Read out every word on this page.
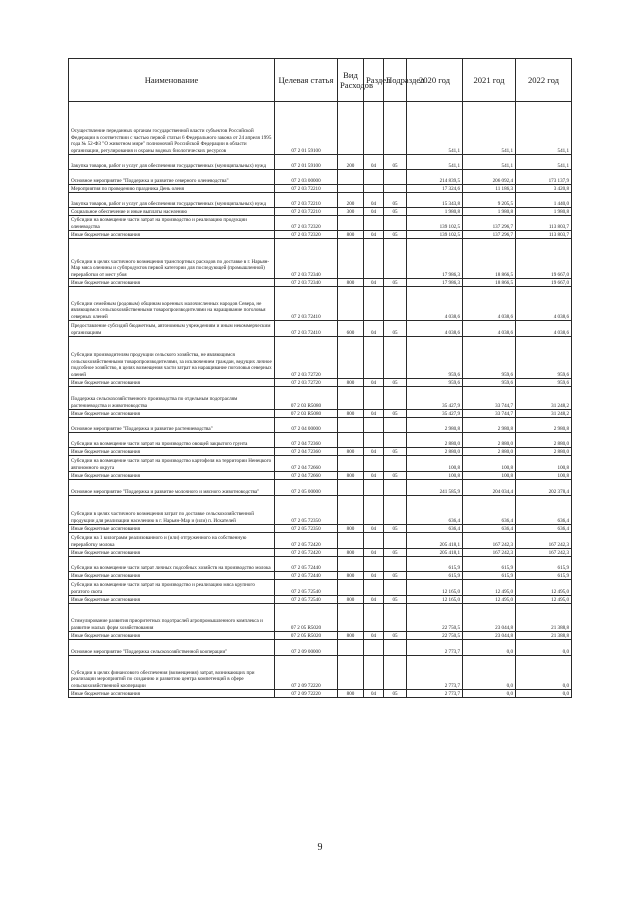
Наименование	Целевая статья	Вид Расходов	Раздел	Подраздел	2020 год	2021 год	2022 год
Осуществление переданных органам государственной власти субъектов Российской Федерации в соответствии с частью первой статьи 6 Федерального закона от 24 апреля 1995 года № 52-ФЗ "О животном мире" полномочий Российской Федерации в области организации, регулирования и охраны водных биологических ресурсов	07 2 01 59100				541,1	541,1	541,1
Закупка товаров, работ и услуг для обеспечения государственных (муниципальных) нужд	07 2 01 59100	200	04	05	541,1	541,1	541,1
Основное мероприятие "Поддержка и развитие северного оленеводства"	07 2 03 00000				214 839,5	206 092,4	173 137,9
Мероприятия по проведению праздника День оленя	07 2 03 72210				17 324,6	11 186,3	3 420,8
Закупка товаров, работ и услуг для обеспечения государственных (муниципальных) нужд	07 2 03 72210	200	04	05	15 343,8	9 205,5	1 440,0
Социальное обеспечение и иные выплаты населению	07 2 03 72210	300	04	05	1 980,8	1 980,8	1 980,8
Субсидии на возмещение части затрат на производство и реализацию продукции оленеводства	07 2 03 72320				139 102,5	137 296,7	113 803,7
Иные бюджетные ассигнования	07 2 03 72320	800	04	05	139 102,5	137 296,7	113 803,7
Субсидии в целях частичного возмещения транспортных расходов по доставке в г. Нарьян-Мар мяса оленины и субпродуктов первой категории для последующей (промышленной) переработки от мест убоя	07 2 03 72340				17 986,3	18 866,5	19 667,0
Иные бюджетные ассигнования	07 2 03 72340	800	04	05	17 986,3	18 866,5	19 667,0
Субсидии семейным (родовым) общинам коренных малочисленных народов Севера, не являющимся сельскохозяйственными товаропроизводителями на наращивание поголовья северных оленей	07 2 03 72410				4 038,6	4 038,6	4 038,6
Предоставление субсидий бюджетным, автономным учреждениям и иным некоммерческим организациям	07 2 03 72410	600	04	05	4 038,6	4 038,6	4 038,6
Субсидии производителям продукции сельского хозяйства, не являющимся сельскохозяйственными товаропроизводителями, за исключением граждан, ведущих личное подсобное хозяйство, в целях возмещения части затрат на наращивание поголовья северных оленей	07 2 03 72720				959,6	959,6	959,6
Иные бюджетные ассигнования	07 2 03 72720	800	04	05	959,6	959,6	959,6
Поддержка сельскохозяйственного производства по отдельным подотраслям растениеводства и животноводства	07 2 03 R5080				35 427,9	33 744,7	31 248,2
Иные бюджетные ассигнования	07 2 03 R5080	800	04	05	35 427,9	33 744,7	31 248,2
Основное мероприятие "Поддержка и развитие растениеводства"	07 2 04 00000				2 980,8	2 980,8	2 980,8
Субсидии на возмещение части затрат на производство овощей закрытого грунта	07 2 04 72360				2 880,0	2 880,0	2 880,0
Иные бюджетные ассигнования	07 2 04 72360	800	04	05	2 880,0	2 880,0	2 880,0
Субсидии на возмещение части затрат на производство картофеля на территории Ненецкого автономного округа	07 2 04 72660				100,8	100,8	100,8
Иные бюджетные ассигнования	07 2 04 72660	800	04	05	100,8	100,8	100,8
Основное мероприятие "Поддержка и развитие молочного и мясного животноводства"	07 2 05 00000				241 585,9	204 034,4	202 378,4
Субсидии в целях частичного возмещения затрат по доставке сельскохозяйственной продукции для реализации населению в г. Нарьян-Мар и (или) п. Искателей	07 2 05 72350				636,4	636,4	636,4
Иные бюджетные ассигнования	07 2 05 72350	800	04	05	636,4	636,4	636,4
Субсидии на 1 килограмм реализованного и (или) отгруженного на собственную переработку молока	07 2 05 72420				205 418,1	167 242,3	167 242,3
Иные бюджетные ассигнования	07 2 05 72420	800	04	05	205 418,1	167 242,3	167 242,3
Субсидии на возмещение части затрат личных подсобных хозяйств на производство молока	07 2 05 72440				615,9	615,9	615,9
Иные бюджетные ассигнования	07 2 05 72440	800	04	05	615,9	615,9	615,9
Субсидии на возмещение части затрат на производство и реализацию мяса крупного рогатого скота	07 2 05 72540				12 165,0	12 495,0	12 495,0
Иные бюджетные ассигнования	07 2 05 72540	800	04	05	12 165,0	12 495,0	12 495,0
Стимулирование развития приоритетных подотраслей агропромышленного комплекса и развитие малых форм хозяйствования	07 2 05 R5020				22 750,5	23 044,8	21 388,8
Иные бюджетные ассигнования	07 2 05 R5020	800	04	05	22 750,5	23 044,8	21 388,8
Основное мероприятие "Поддержка сельскохозяйственной кооперации"	07 2 09 00000				2 773,7	0,0	0,0
Субсидии в целях финансового обеспечения (возмещения) затрат, возникающих при реализации мероприятий по созданию и развитию центра компетенций в сфере сельскохозяйственной кооперации	07 2 09 72220				2 773,7	0,0	0,0
Иные бюджетные ассигнования	07 2 09 72220	800	04	05	2 773,7	0,0	0,0
9
